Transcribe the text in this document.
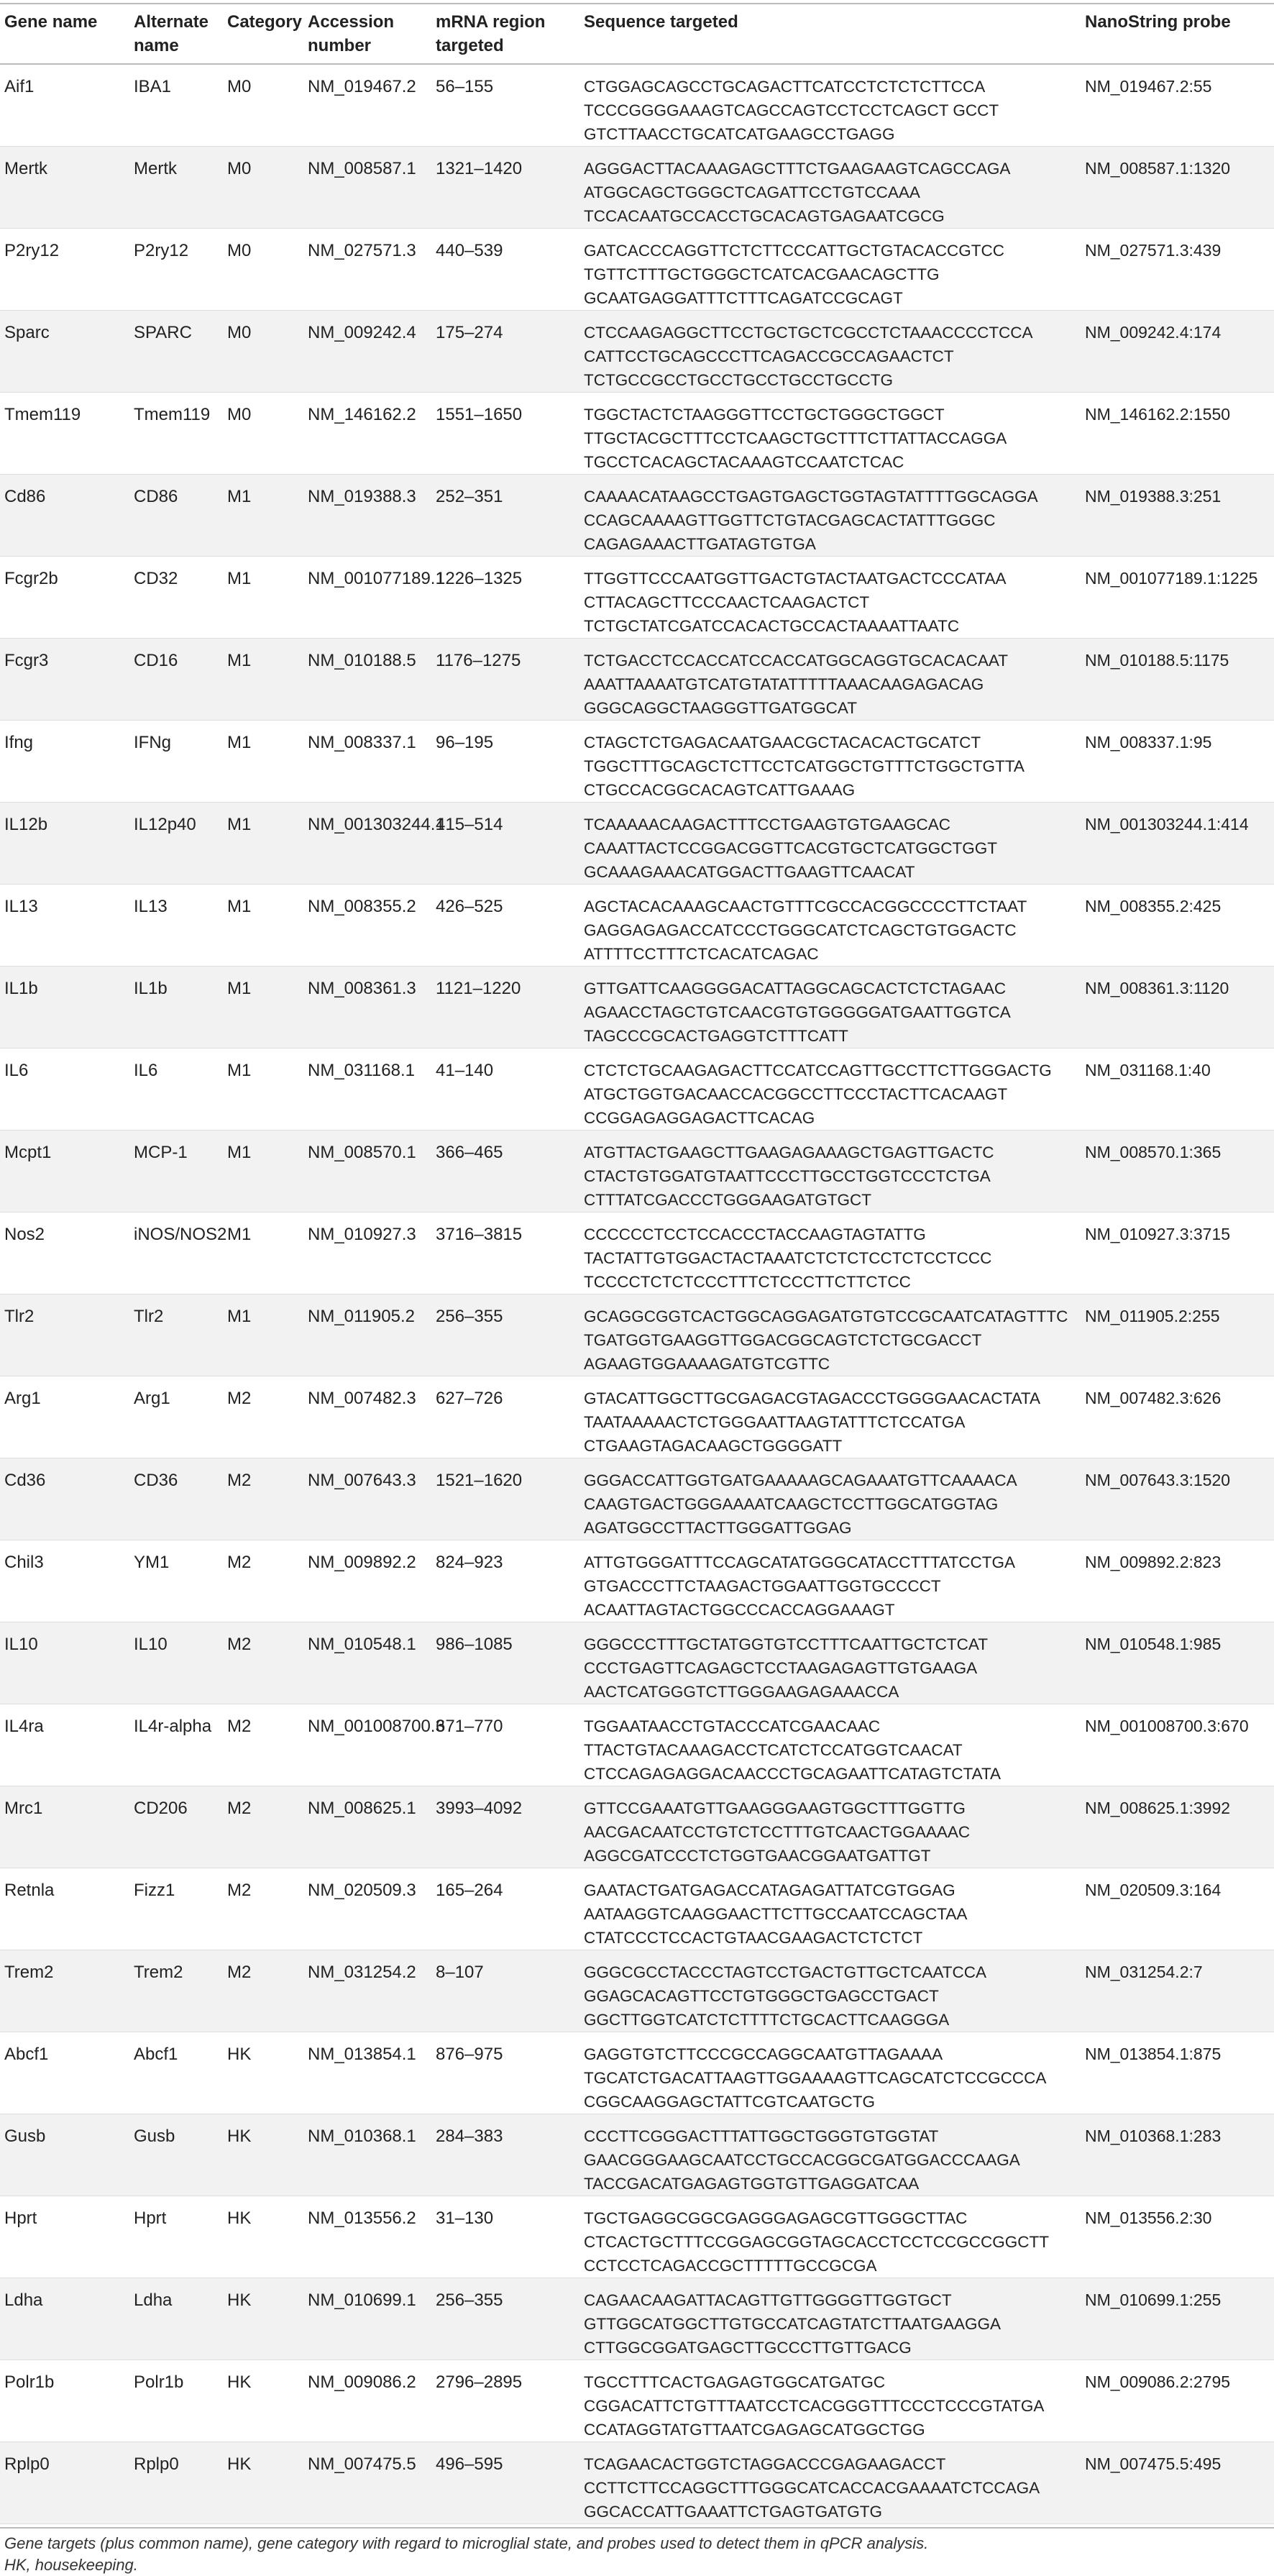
Gene name	Alternate name	Category	Accession number	mRNA region targeted	Sequence targeted	NanoString probe
Aif1	IBA1	M0	NM_019467.2	56–155	CTGGAGCAGCCTGCAGACTTCATCCTCTCTCTTCCA
TCCCGGGGAAAGTCAGCCAGTCCTCCTCAGCT GCCT
GTCTTAACCTGCATCATGAAGCCTGAGG	NM_019467.2:55
Mertk	Mertk	M0	NM_008587.1	1321–1420	AGGGACTTACAAAGAGCTTTCTGAAGAAGTCAGCCAGA
ATGGCAGCTGGGCTCAGATTCCTGTCCAAA
TCCACAATGCCACCTGCACAGTGAGAATCGCG	NM_008587.1:1320
P2ry12	P2ry12	M0	NM_027571.3	440–539	GATCACCCAGGTTCTCTTCCCATTGCTGTACACCGTCC
TGTTCTTTGCTGGGCTCATCACGAACAGCTTG
GCAATGAGGATTTCTTTCAGATCCGCAGT	NM_027571.3:439
Sparc	SPARC	M0	NM_009242.4	175–274	CTCCAAGAGGCTTCCTGCTGCTCGCCTCTAAACCCCTCCA
CATTCCTGCAGCCCTTCAGACCGCCAGAACTCT
TCTGCCGCCTGCCTGCCTGCCTGCCTG	NM_009242.4:174
Tmem119	Tmem119	M0	NM_146162.2	1551–1650	TGGCTACTCTAAGGGTTCCTGCTGGGCTGGCT
TTGCTACGCTTTCCTCAAGCTGCTTTCTTATTACCAGGA
TGCCTCACAGCTACAAAGTCCAATCTCAC	NM_146162.2:1550
Cd86	CD86	M1	NM_019388.3	252–351	CAAAACATAAGCCTGAGTGAGCTGGTAGTATTTTGGCAGGA
CCAGCAAAAGTTGGTTCTGTACGAGCACTATTTGGGC
CAGAGAAACTTGATAGTGTGA	NM_019388.3:251
Fcgr2b	CD32	M1	NM_001077189.1	1226–1325	TTGGTTCCCAATGGTTGACTGTACTAATGACTCCCATAA
CTTACAGCTTCCCAACTCAAGACTCT
TCTGCTATCGATCCACACTGCCACTAAAATTAATC	NM_001077189.1:1225
Fcgr3	CD16	M1	NM_010188.5	1176–1275	TCTGACCTCCACCATCCACCATGGCAGGTGCACACAAT
AAATTAAAATGTCATGTATATTTTTAAACAAGAGACAG
GGGCAGGCTAAGGGTTGATGGCAT	NM_010188.5:1175
Ifng	IFNg	M1	NM_008337.1	96–195	CTAGCTCTGAGACAATGAACGCTACACACTGCATCT
TGGCTTTGCAGCTCTTCCTCATGGCTGTTTCTGGCTGTTA
CTGCCACGGCACAGTCATTGAAAG	NM_008337.1:95
IL12b	IL12p40	M1	NM_001303244.1	415–514	TCAAAAACAAGACTTTCCTGAAGTGTGAAGCAC
CAAATTACTCCGGACGGTTCACGTGCTCATGGCTGGT
GCAAAGAAACATGGACTTGAAGTTCAACAT	NM_001303244.1:414
IL13	IL13	M1	NM_008355.2	426–525	AGCTACACAAAGCAACTGTTTCGCCACGGCCCCTTCTAAT
GAGGAGAGACCATCCCTGGGCATCTCAGCTGTGGACTC
ATTTTCCTTTCTCACATCAGAC	NM_008355.2:425
IL1b	IL1b	M1	NM_008361.3	1121–1220	GTTGATTCAAGGGGACATTAGGCAGCACTCTCTAGAAC
AGAACCTAGCTGTCAACGTGTGGGGGATGAATTGGTCA
TAGCCCGCACTGAGGTCTTTCATT	NM_008361.3:1120
IL6	IL6	M1	NM_031168.1	41–140	CTCTCTGCAAGAGACTTCCATCCAGTTGCCTTCTTGGGACTG
ATGCTGGTGACAACCACGGCCTTCCCTACTTCACAAGT
CCGGAGAGGAGACTTCACAG	NM_031168.1:40
Mcpt1	MCP-1	M1	NM_008570.1	366–465	ATGTTACTGAAGCTTGAAGAGAAAGCTGAGTTGACTC
CTACTGTGGATGTAATTCCCTTGCCTGGTCCCTCTGA
CTTTATCGACCCTGGGAAGATGTGCT	NM_008570.1:365
Nos2	iNOS/NOS2	M1	NM_010927.3	3716–3815	CCCCCCTCCTCCACCCTACCAAGTAGTATTG
TACTATTGTGGACTACTAAATCTCTCTCCTCTCCTCCC
TCCCCTCTCTCCCTTTCTCCCTTCTTCTCC	NM_010927.3:3715
Tlr2	Tlr2	M1	NM_011905.2	256–355	GCAGGCGGTCACTGGCAGGAGATGTGTCCGCAATCATAGTTTC
TGATGGTGAAGGTTGGACGGCAGTCTCTGCGACCT
AGAAGTGGAAAAGATGTCGTTC	NM_011905.2:255
Arg1	Arg1	M2	NM_007482.3	627–726	GTACATTGGCTTGCGAGACGTAGACCCTGGGGAACACTATA
TAATAAAAACTCTGGGAATTAAGTATTTCTCCATGA
CTGAAGTAGACAAGCTGGGGATT	NM_007482.3:626
Cd36	CD36	M2	NM_007643.3	1521–1620	GGGACCATTGGTGATGAAAAAGCAGAAATGTTCAAAACA
CAAGTGACTGGGAAAATCAAGCTCCTTGGCATGGTAG
AGATGGCCTTACTTGGGATTGGAG	NM_007643.3:1520
Chil3	YM1	M2	NM_009892.2	824–923	ATTGTGGGATTTCCAGCATATGGGCATACCTTTATCCTGA
GTGACCCTTCTAAGACTGGAATTGGTGCCCCT
ACAATTAGTACTGGCCCACCAGGAAAGT	NM_009892.2:823
IL10	IL10	M2	NM_010548.1	986–1085	GGGCCCTTTGCTATGGTGTCCTTTCAATTGCTCTCAT
CCCTGAGTTCAGAGCTCCTAAGAGAGTTGTGAAGA
AACTCATGGGTCTTGGGAAGAGAAACCA	NM_010548.1:985
IL4ra	IL4r-alpha	M2	NM_001008700.3	671–770	TGGAATAACCTGTACCCATCGAACAAC
TTACTGTACAAAGACCTCATCTCCATGGTCAACAT
CTCCAGAGAGGACAACCCTGCAGAATTCATAGTCTATA	NM_001008700.3:670
Mrc1	CD206	M2	NM_008625.1	3993–4092	GTTCCGAAATGTTGAAGGGAAGTGGCTTTGGTTG
AACGACAATCCTGTCTCCTTTGTCAACTGGAAAAC
AGGCGATCCCTCTGGTGAACGGAATGATTGT	NM_008625.1:3992
Retnla	Fizz1	M2	NM_020509.3	165–264	GAATACTGATGAGACCATAGAGATTATCGTGGAG
AATAAGGTCAAGGAACTTCTTGCCAATCCAGCTAA
CTATCCCTCCACTGTAACGAAGACTCTCTCT	NM_020509.3:164
Trem2	Trem2	M2	NM_031254.2	8–107	GGGCGCCTACCCTAGTCCTGACTGTTGCTCAATCCA
GGAGCACAGTTCCTGTGGGCTGAGCCTGACT
GGCTTGGTCATCTCTTTTCTGCACTTCAAGGGA	NM_031254.2:7
Abcf1	Abcf1	HK	NM_013854.1	876–975	GAGGTGTCTTCCCGCCAGGCAATGTTAGAAAA
TGCATCTGACATTAAGTTGGAAAAGTTCAGCATCTCCGCCCA
CGGCAAGGAGCTATTCGTCAATGCTG	NM_013854.1:875
Gusb	Gusb	HK	NM_010368.1	284–383	CCCTTCGGGACTTTATTGGCTGGGTGTGGTAT
GAACGGGAAGCAATCCTGCCACGGCGATGGACCCAAGA
TACCGACATGAGAGTGGTGTTGAGGATCAA	NM_010368.1:283
Hprt	Hprt	HK	NM_013556.2	31–130	TGCTGAGGCGGCGAGGGAGAGCGTTGGGCTTAC
CTCACTGCTTTCCGGAGCGGTAGCACCTCCTCCGCCGGCTT
CCTCCTCAGACCGCTTTTTGCCGCGA	NM_013556.2:30
Ldha	Ldha	HK	NM_010699.1	256–355	CAGAACAAGATTACAGTTGTTGGGGTTGGTGCT
GTTGGCATGGCTTGTGCCATCAGTATCTTAATGAAGGA
CTTGGCGGATGAGCTTGCCCTTGTTGACG	NM_010699.1:255
Polr1b	Polr1b	HK	NM_009086.2	2796–2895	TGCCTTTCACTGAGAGTGGCATGATGC
CGGACATTCTGTTTAATCCTCACGGGTTTCCCTCCCGTATGA
CCATAGGTATGTTAATCGAGAGCATGGCTGG	NM_009086.2:2795
Rplp0	Rplp0	HK	NM_007475.5	496–595	TCAGAACACTGGTCTAGGACCCGAGAAGACCT
CCTTCTTCCAGGCTTTGGGCATCACCACGAAAATCTCCAGA
GGCACCATTGAAATTCTGAGTGATGTG	NM_007475.5:495
Gene targets (plus common name), gene category with regard to microglial state, and probes used to detect them in qPCR analysis.
HK, housekeeping.
